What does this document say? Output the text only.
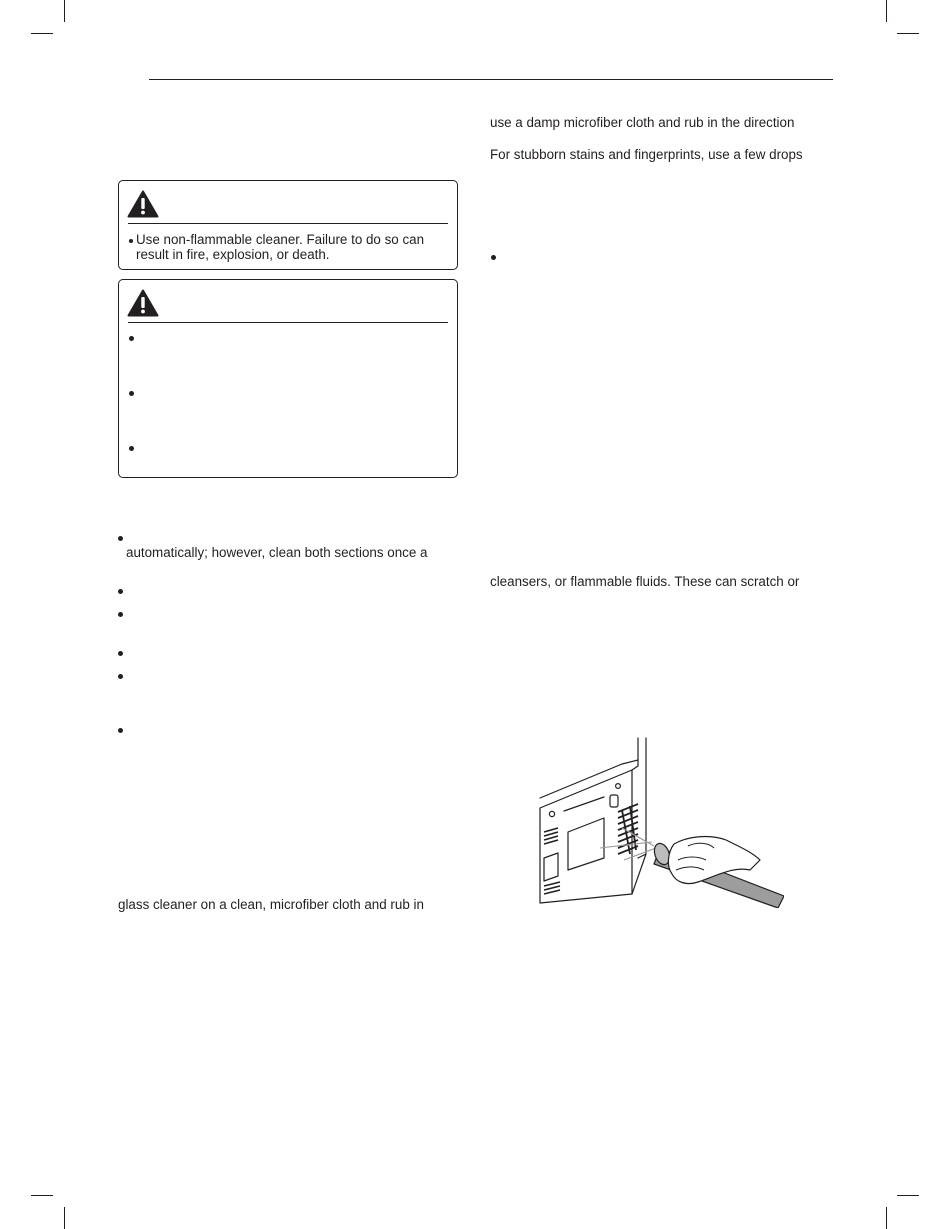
Use non-flammable cleaner. Failure to do so can
result in fire, explosion, or death.
automatically; however, clean both sections once a
glass cleaner on a clean, microfiber cloth and rub in
use a damp microfiber cloth and rub in the direction
For stubborn stains and fingerprints, use a few drops
cleansers, or flammable fluids. These can scratch or
